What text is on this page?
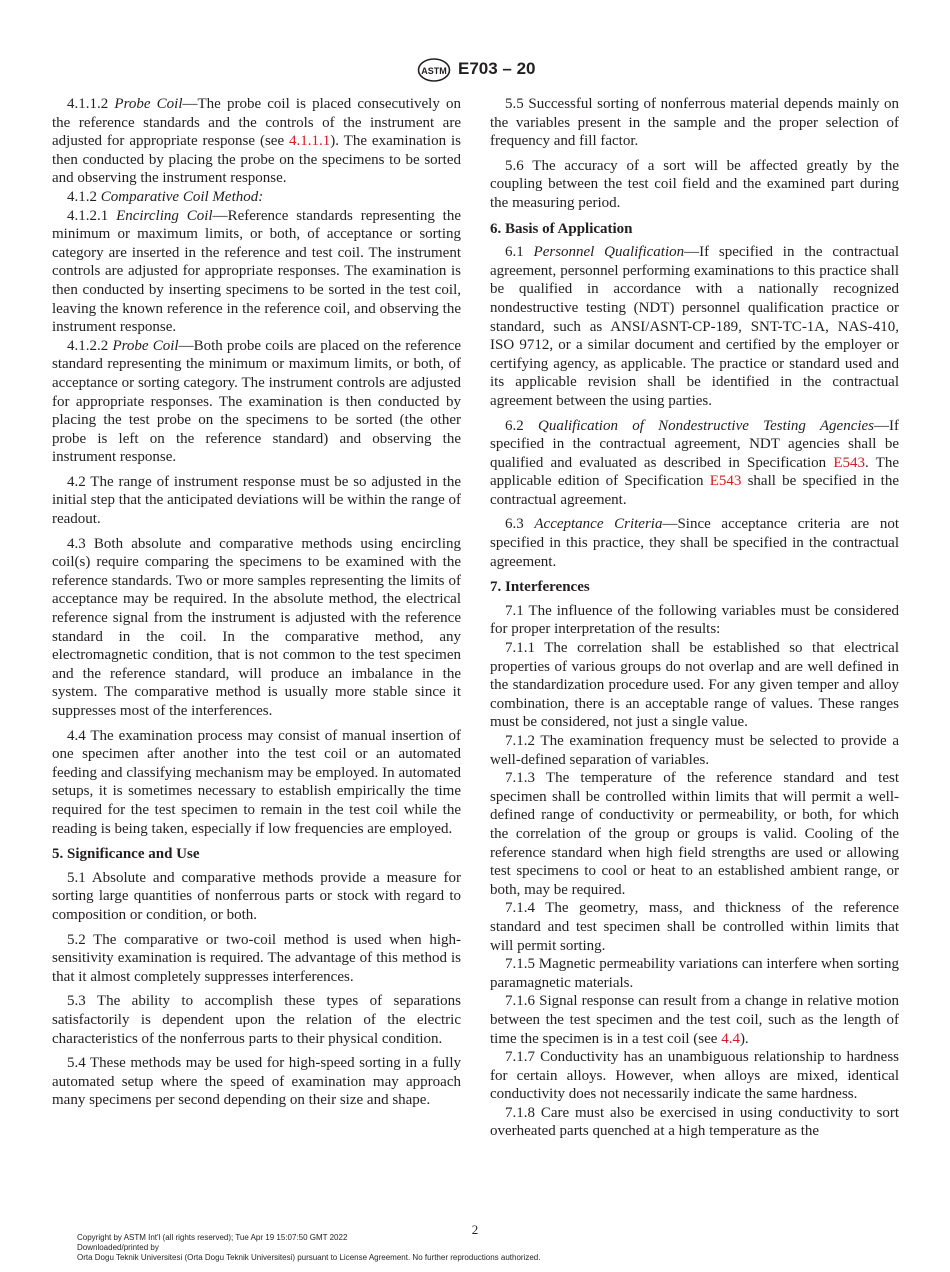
ASTM E703 – 20

4.1.1.2 Probe Coil—The probe coil is placed consecutively on the reference standards and the controls of the instrument are adjusted for appropriate response (see 4.1.1.1). The examination is then conducted by placing the probe on the specimens to be sorted and observing the instrument response.

4.1.2 Comparative Coil Method:

4.1.2.1 Encircling Coil—Reference standards representing the minimum or maximum limits, or both, of acceptance or sorting category are inserted in the reference and test coil. The instrument controls are adjusted for appropriate responses. The examination is then conducted by inserting specimens to be sorted in the test coil, leaving the known reference in the reference coil, and observing the instrument response.

4.1.2.2 Probe Coil—Both probe coils are placed on the reference standard representing the minimum or maximum limits, or both, of acceptance or sorting category. The instrument controls are adjusted for appropriate responses. The examination is then conducted by placing the test probe on the specimens to be sorted (the other probe is left on the reference standard) and observing the instrument response.

4.2 The range of instrument response must be so adjusted in the initial step that the anticipated deviations will be within the range of readout.

4.3 Both absolute and comparative methods using encircling coil(s) require comparing the specimens to be examined with the reference standards. Two or more samples representing the limits of acceptance may be required. In the absolute method, the electrical reference signal from the instrument is adjusted with the reference standard in the coil. In the comparative method, any electromagnetic condition, that is not common to the test specimen and the reference standard, will produce an imbalance in the system. The comparative method is usually more stable since it suppresses most of the interferences.

4.4 The examination process may consist of manual insertion of one specimen after another into the test coil or an automated feeding and classifying mechanism may be employed. In automated setups, it is sometimes necessary to establish empirically the time required for the test specimen to remain in the test coil while the reading is being taken, especially if low frequencies are employed.

5. Significance and Use

5.1 Absolute and comparative methods provide a measure for sorting large quantities of nonferrous parts or stock with regard to composition or condition, or both.

5.2 The comparative or two-coil method is used when high-sensitivity examination is required. The advantage of this method is that it almost completely suppresses interferences.

5.3 The ability to accomplish these types of separations satisfactorily is dependent upon the relation of the electric characteristics of the nonferrous parts to their physical condition.

5.4 These methods may be used for high-speed sorting in a fully automated setup where the speed of examination may approach many specimens per second depending on their size and shape.

5.5 Successful sorting of nonferrous material depends mainly on the variables present in the sample and the proper selection of frequency and fill factor.

5.6 The accuracy of a sort will be affected greatly by the coupling between the test coil field and the examined part during the measuring period.

6. Basis of Application

6.1 Personnel Qualification—If specified in the contractual agreement, personnel performing examinations to this practice shall be qualified in accordance with a nationally recognized nondestructive testing (NDT) personnel qualification practice or standard, such as ANSI/ASNT-CP-189, SNT-TC-1A, NAS-410, ISO 9712, or a similar document and certified by the employer or certifying agency, as applicable. The practice or standard used and its applicable revision shall be identified in the contractual agreement between the using parties.

6.2 Qualification of Nondestructive Testing Agencies—If specified in the contractual agreement, NDT agencies shall be qualified and evaluated as described in Specification E543. The applicable edition of Specification E543 shall be specified in the contractual agreement.

6.3 Acceptance Criteria—Since acceptance criteria are not specified in this practice, they shall be specified in the contractual agreement.

7. Interferences

7.1 The influence of the following variables must be considered for proper interpretation of the results:

7.1.1 The correlation shall be established so that electrical properties of various groups do not overlap and are well defined in the standardization procedure used. For any given temper and alloy combination, there is an acceptable range of values. These ranges must be considered, not just a single value.

7.1.2 The examination frequency must be selected to provide a well-defined separation of variables.

7.1.3 The temperature of the reference standard and test specimen shall be controlled within limits that will permit a well-defined range of conductivity or permeability, or both, for which the correlation of the group or groups is valid. Cooling of the reference standard when high field strengths are used or allowing test specimens to cool or heat to an established ambient range, or both, may be required.

7.1.4 The geometry, mass, and thickness of the reference standard and test specimen shall be controlled within limits that will permit sorting.

7.1.5 Magnetic permeability variations can interfere when sorting paramagnetic materials.

7.1.6 Signal response can result from a change in relative motion between the test specimen and the test coil, such as the length of time the specimen is in a test coil (see 4.4).

7.1.7 Conductivity has an unambiguous relationship to hardness for certain alloys. However, when alloys are mixed, identical conductivity does not necessarily indicate the same hardness.

7.1.8 Care must also be exercised in using conductivity to sort overheated parts quenched at a high temperature as the

2
Copyright by ASTM Int'l (all rights reserved); Tue Apr 19 15:07:50 GMT 2022
Downloaded/printed by
Orta Dogu Teknik Universitesi (Orta Dogu Teknik Universitesi) pursuant to License Agreement. No further reproductions authorized.
